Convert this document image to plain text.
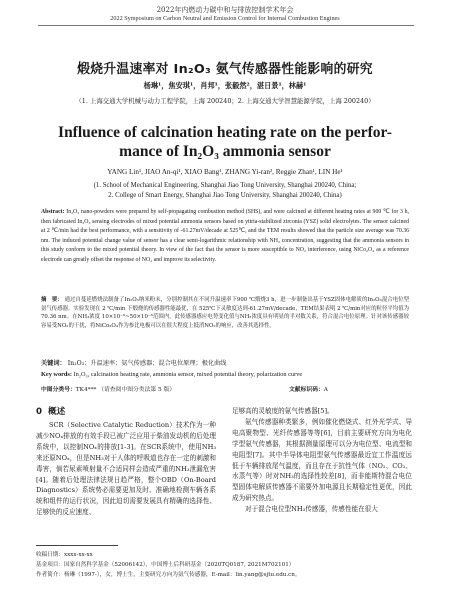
2022年内燃动力碳中和与排放控制学术年会
2022 Symposium on Carbon Neutral and Emission Control for Internal Combustion Engines
煅烧升温速率对 In₂O₃ 氨气传感器性能影响的研究
杨琳¹，焦安琪¹，肖邦¹，张毅然²，湛日景¹，林赫¹
（1. 上海交通大学机械与动力工程学院，上海 200240；2. 上海交通大学智慧能源学院，上海 200240）
Influence of calcination heating rate on the perfor-
mance of In₂O₃ ammonia sensor
YANG Lin¹, JIAO An-qi¹, XIAO Bang¹, ZHANG Yi-ran², Reggie Zhan¹, LIN He¹
(1. School of Mechanical Engineering, Shanghai Jiao Tong University, Shanghai 200240, China;
2. College of Smart Energy, Shanghai Jiao Tong University, Shanghai 200240, China)
Abstract: In₂O₃ nano-powders were prepared by self-propagating combustion method (SHS), and were calcined at different heating rates at 900 ℃ for 3 h, then fabricated In₂O₃ sensing electrodes of mixed potential ammonia sensors based on yttria-stabilized zirconia (YSZ) solid electrolytes. The sensor calcined at 2 ℃/min had the best performance, with a sensitivity of -61.27mV/decade at 525℃, and the TEM results showed that the particle size average was 70.36 nm. The induced potential change value of sensor has a clear semi-logarithmic relationship with NH₃ concentration, suggesting that the ammonia sensors in this study conform to the mixed potential theory. In view of the fact that the sensor is more susceptible to NO₂ interference, using NiCo₂O₄ as a reference electrode can greatly offset the response of NO₂ and improve its selectivity.
摘　要： 通过自蔓延燃烧法制备了In₂O₃纳米粉末，分别控制其在不同升温速率下900 ℃煅烧3 h，进一步制备出基于YSZ固体电解质的In₂O₃混合电位型氨气传感器。实验发现在 2 ℃/min 下煅烧的传感器性能最优，在 525℃下灵敏度达到-61.27mV/decade，TEM结果表明 2 ℃/min对应的粒径平均值为70.36 nm。在NH₃浓度 10×10⁻⁶~50×10⁻⁶范围内，此传感器感应电势变化值与NH₃浓度具有明显的半对数关系，符合混合电位原理。针对该传感器较容易受NO₂的干扰，将NiCo₂O₄作为参比电极可以在很大程度上抵消NO₂的响应，改善其选择性。
关键词： In₂O₃；升温速率；氨气传感器；混合电位原理；极化曲线
Key words: In₂O₃, calcination heating rate, ammonia sensor, mixed potential theory, polarization curve
中图分类号：TK4*** （请查阅中图分类法第 5 版）	文献标识码：A
0 概述
SCR（Selective Catalytic Reduction）技术作为一种减少NOₓ排放的有效手段已被广泛应用于柴油发动机的后处理系统中，以控制NOₓ的排放[1-3]。在SCR系统中，使用NH₃来还原NOₓ，但是NH₃对于人体的呼吸道也存在一定的刺激和毒害，倘若尿素喷射量不合适同样会造成严重的NH₃泄漏危害[4]。随着后处理法律法规日趋严格，整个OBD（On-Board Diagnostics）系统势必需要更加及时、准确地检测车辆各系统和组件的运行状况，因此迫切需要发展具有精确的选择性、足够快的反应速度、
足够高的灵敏度的氨气传感器[5]。
氨气传感器种类繁多，例如催化燃烧式、红外光学式、导电高聚物型、光纤传感器等等[6]，目前主要研究方向为电化学型氨气传感器，其根据测量原理可以分为电位型、电流型和电阻型[7]。其中半导体电阻型氨气传感器最近宜工作温度远低于车辆排放尾气温度，而且存在于抗性气体（NO₂、CO₂、水蒸气等）时对NH₃的选择性较差[8]，而非能斯特混合电位型固体电解质传感器不需要外加电源且长期稳定性更优，因此成为研究热点。
对于混合电位型NH₃传感器，传感性能在很大
收稿日期：xxxx-xx-xx
基金项目：国家自然科学基金（52006142），中国博士后科研基金（2020TQ0187, 2021M702101）
作者简介：杨琳（1997-），女，博士生，主要研究方向为氨气传感器，E-mail：lin.yang@sjtu.edu.cn。
